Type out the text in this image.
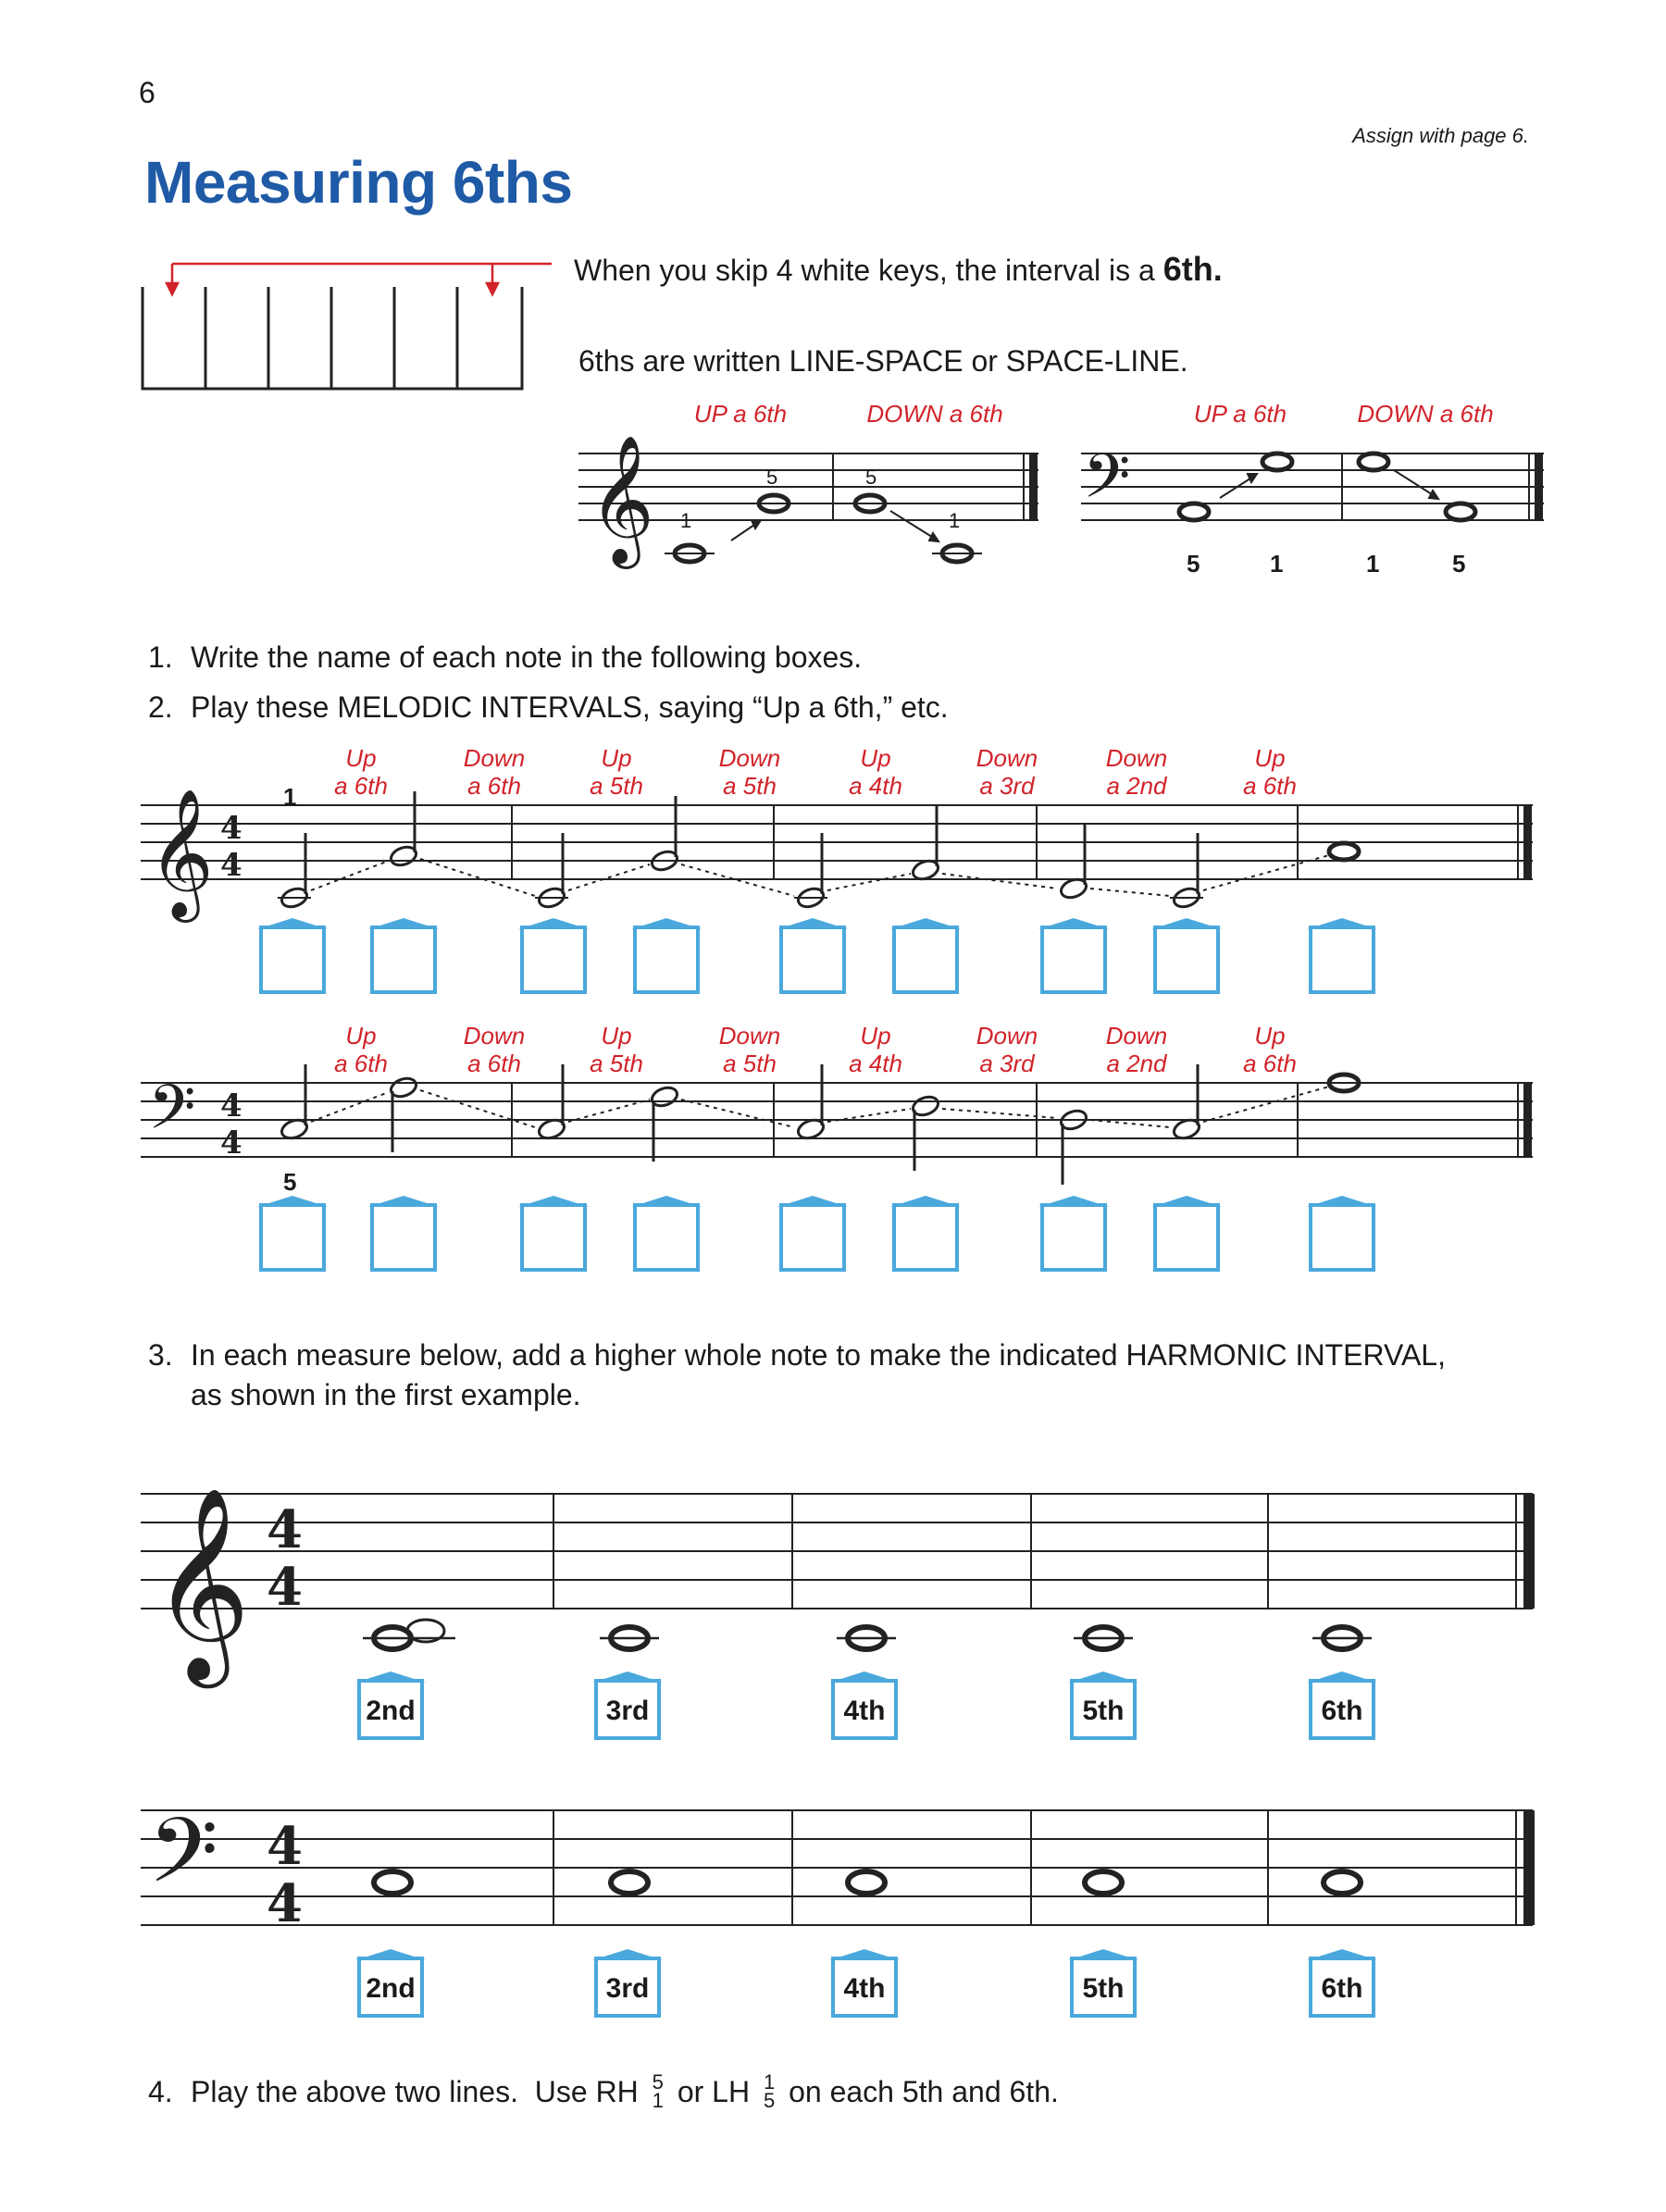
6
Assign with page 6.
Measuring 6ths
When you skip 4 white keys, the interval is a 6th.
6ths are written LINE-SPACE or SPACE-LINE.
UP a 6th	DOWN a 6th	UP a 6th	DOWN a 6th
𝄞 1
5	5
1 𝄢
5	1	1	5
1. Write the name of each note in the following boxes.
2. Play these MELODIC INTERVALS, saying “Up a 6th,” etc.
Up
a 6th
Down
a 6th
Up
a 5th
Down
a 5th
Up
a 4th
Down
a 3rd
Down
a 2nd
Up
a 6th
Up
a 6th
Down
a 6th
Up
a 5th
Down
a 5th
Up
a 4th
Down
a 3rd
Down
a 2nd
Up
a 6th
𝄞 4
4
1
𝄢 4
4
5
3. In each measure below, add a higher whole note to make the indicated HARMONIC INTERVAL,
as shown in the first example.
𝄞 4
4
2nd	3rd	4th	5th	6th
𝄢 4
4
2nd	3rd	4th	5th	6th
4. Play the above two lines.  Use RH 5
1 or LH 1
5 on each 5th and 6th.
